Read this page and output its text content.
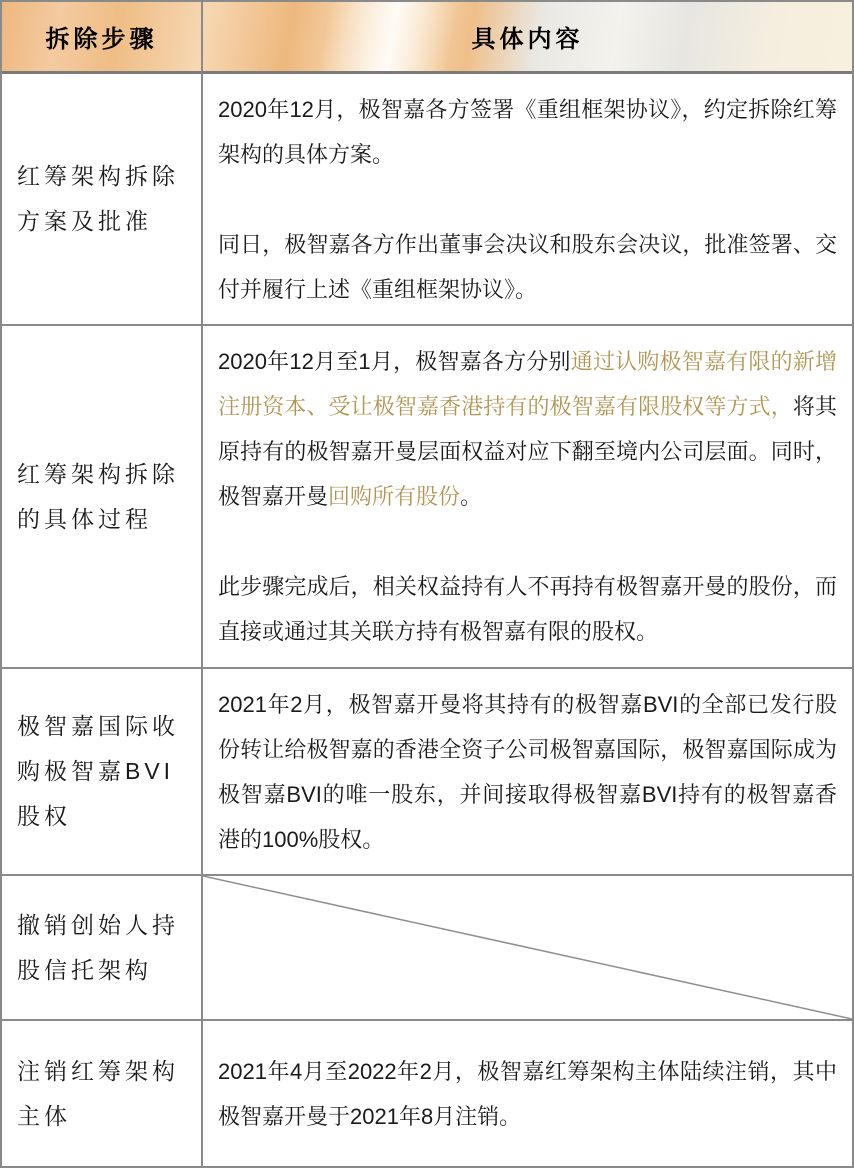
拆除步骤	具体内容
红筹架构拆除
方案及批准
2020年12月，极智嘉各方签署《重组框架协议》，约定拆除红筹架构的具体方案。
同日，极智嘉各方作出董事会决议和股东会决议，批准签署、交付并履行上述《重组框架协议》。
红筹架构拆除
的具体过程
2020年12月至1月，极智嘉各方分别通过认购极智嘉有限的新增注册资本、受让极智嘉香港持有的极智嘉有限股权等方式，将其原持有的极智嘉开曼层面权益对应下翻至境内公司层面。同时，极智嘉开曼回购所有股份。
此步骤完成后，相关权益持有人不再持有极智嘉开曼的股份，而直接或通过其关联方持有极智嘉有限的股权。
极智嘉国际收
购极智嘉BVI
股权
2021年2月，极智嘉开曼将其持有的极智嘉BVI的全部已发行股份转让给极智嘉的香港全资子公司极智嘉国际，极智嘉国际成为极智嘉BVI的唯一股东，并间接取得极智嘉BVI持有的极智嘉香港的100%股权。
撤销创始人持
股信托架构
注销红筹架构
主体
2021年4月至2022年2月，极智嘉红筹架构主体陆续注销，其中极智嘉开曼于2021年8月注销。
